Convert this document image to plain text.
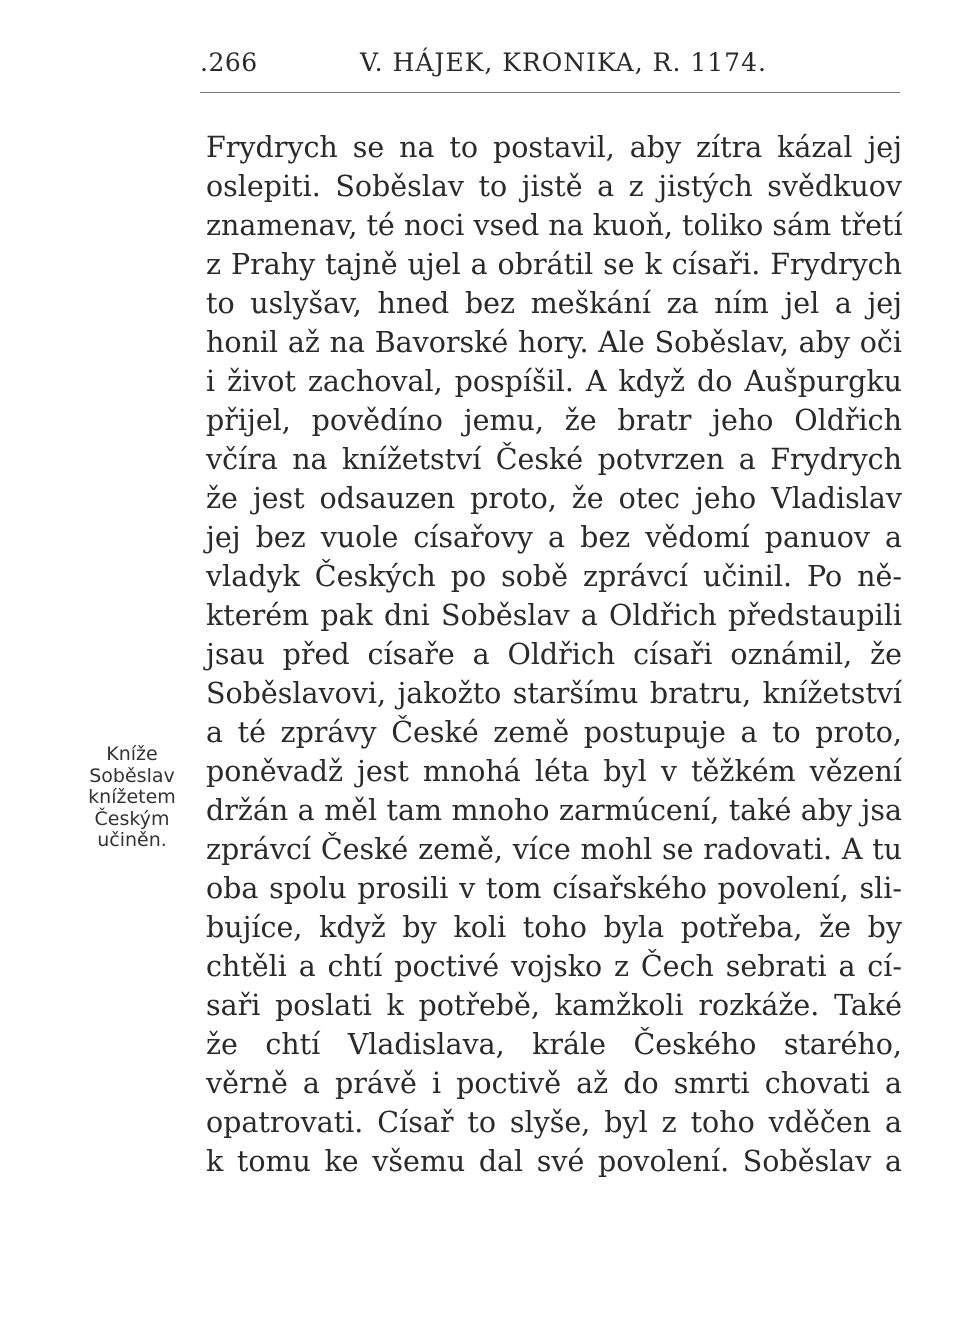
.266	V. HÁJEK, KRONIKA, R. 1174.
Kníže
Soběslav
knížetem
Českým
učiněn.
Frydrych se na to postavil, aby zítra kázal jej
oslepiti. Soběslav to jistě a z jistých svědkuov
znamenav, té noci vsed na kuoň, toliko sám třetí
z Prahy tajně ujel a obrátil se k císaři. Frydrych
to uslyšav, hned bez meškání za ním jel a jej
honil až na Bavorské hory. Ale Soběslav, aby oči
i život zachoval, pospíšil. A když do Aušpurgku
přijel, povědíno jemu, že bratr jeho Oldřich
včíra na knížetství České potvrzen a Frydrych
že jest odsauzen proto, že otec jeho Vladislav
jej bez vuole císařovy a bez vědomí panuov a
vladyk Českých po sobě zprávcí učinil. Po ně-
kterém pak dni Soběslav a Oldřich předstaupili
jsau před císaře a Oldřich císaři oznámil, že
Soběslavovi, jakožto staršímu bratru, knížetství
a té zprávy České země postupuje a to proto,
poněvadž jest mnohá léta byl v těžkém vězení
držán a měl tam mnoho zarmúcení, také aby jsa
zprávcí České země, více mohl se radovati. A tu
oba spolu prosili v tom císařského povolení, sli-
bujíce, když by koli toho byla potřeba, že by
chtěli a chtí poctivé vojsko z Čech sebrati a cí-
saři poslati k potřebě, kamžkoli rozkáže. Také
že chtí Vladislava, krále Českého starého,
věrně a právě i poctivě až do smrti chovati a
opatrovati. Císař to slyše, byl z toho vděčen a
k tomu ke všemu dal své povolení. Soběslav a
